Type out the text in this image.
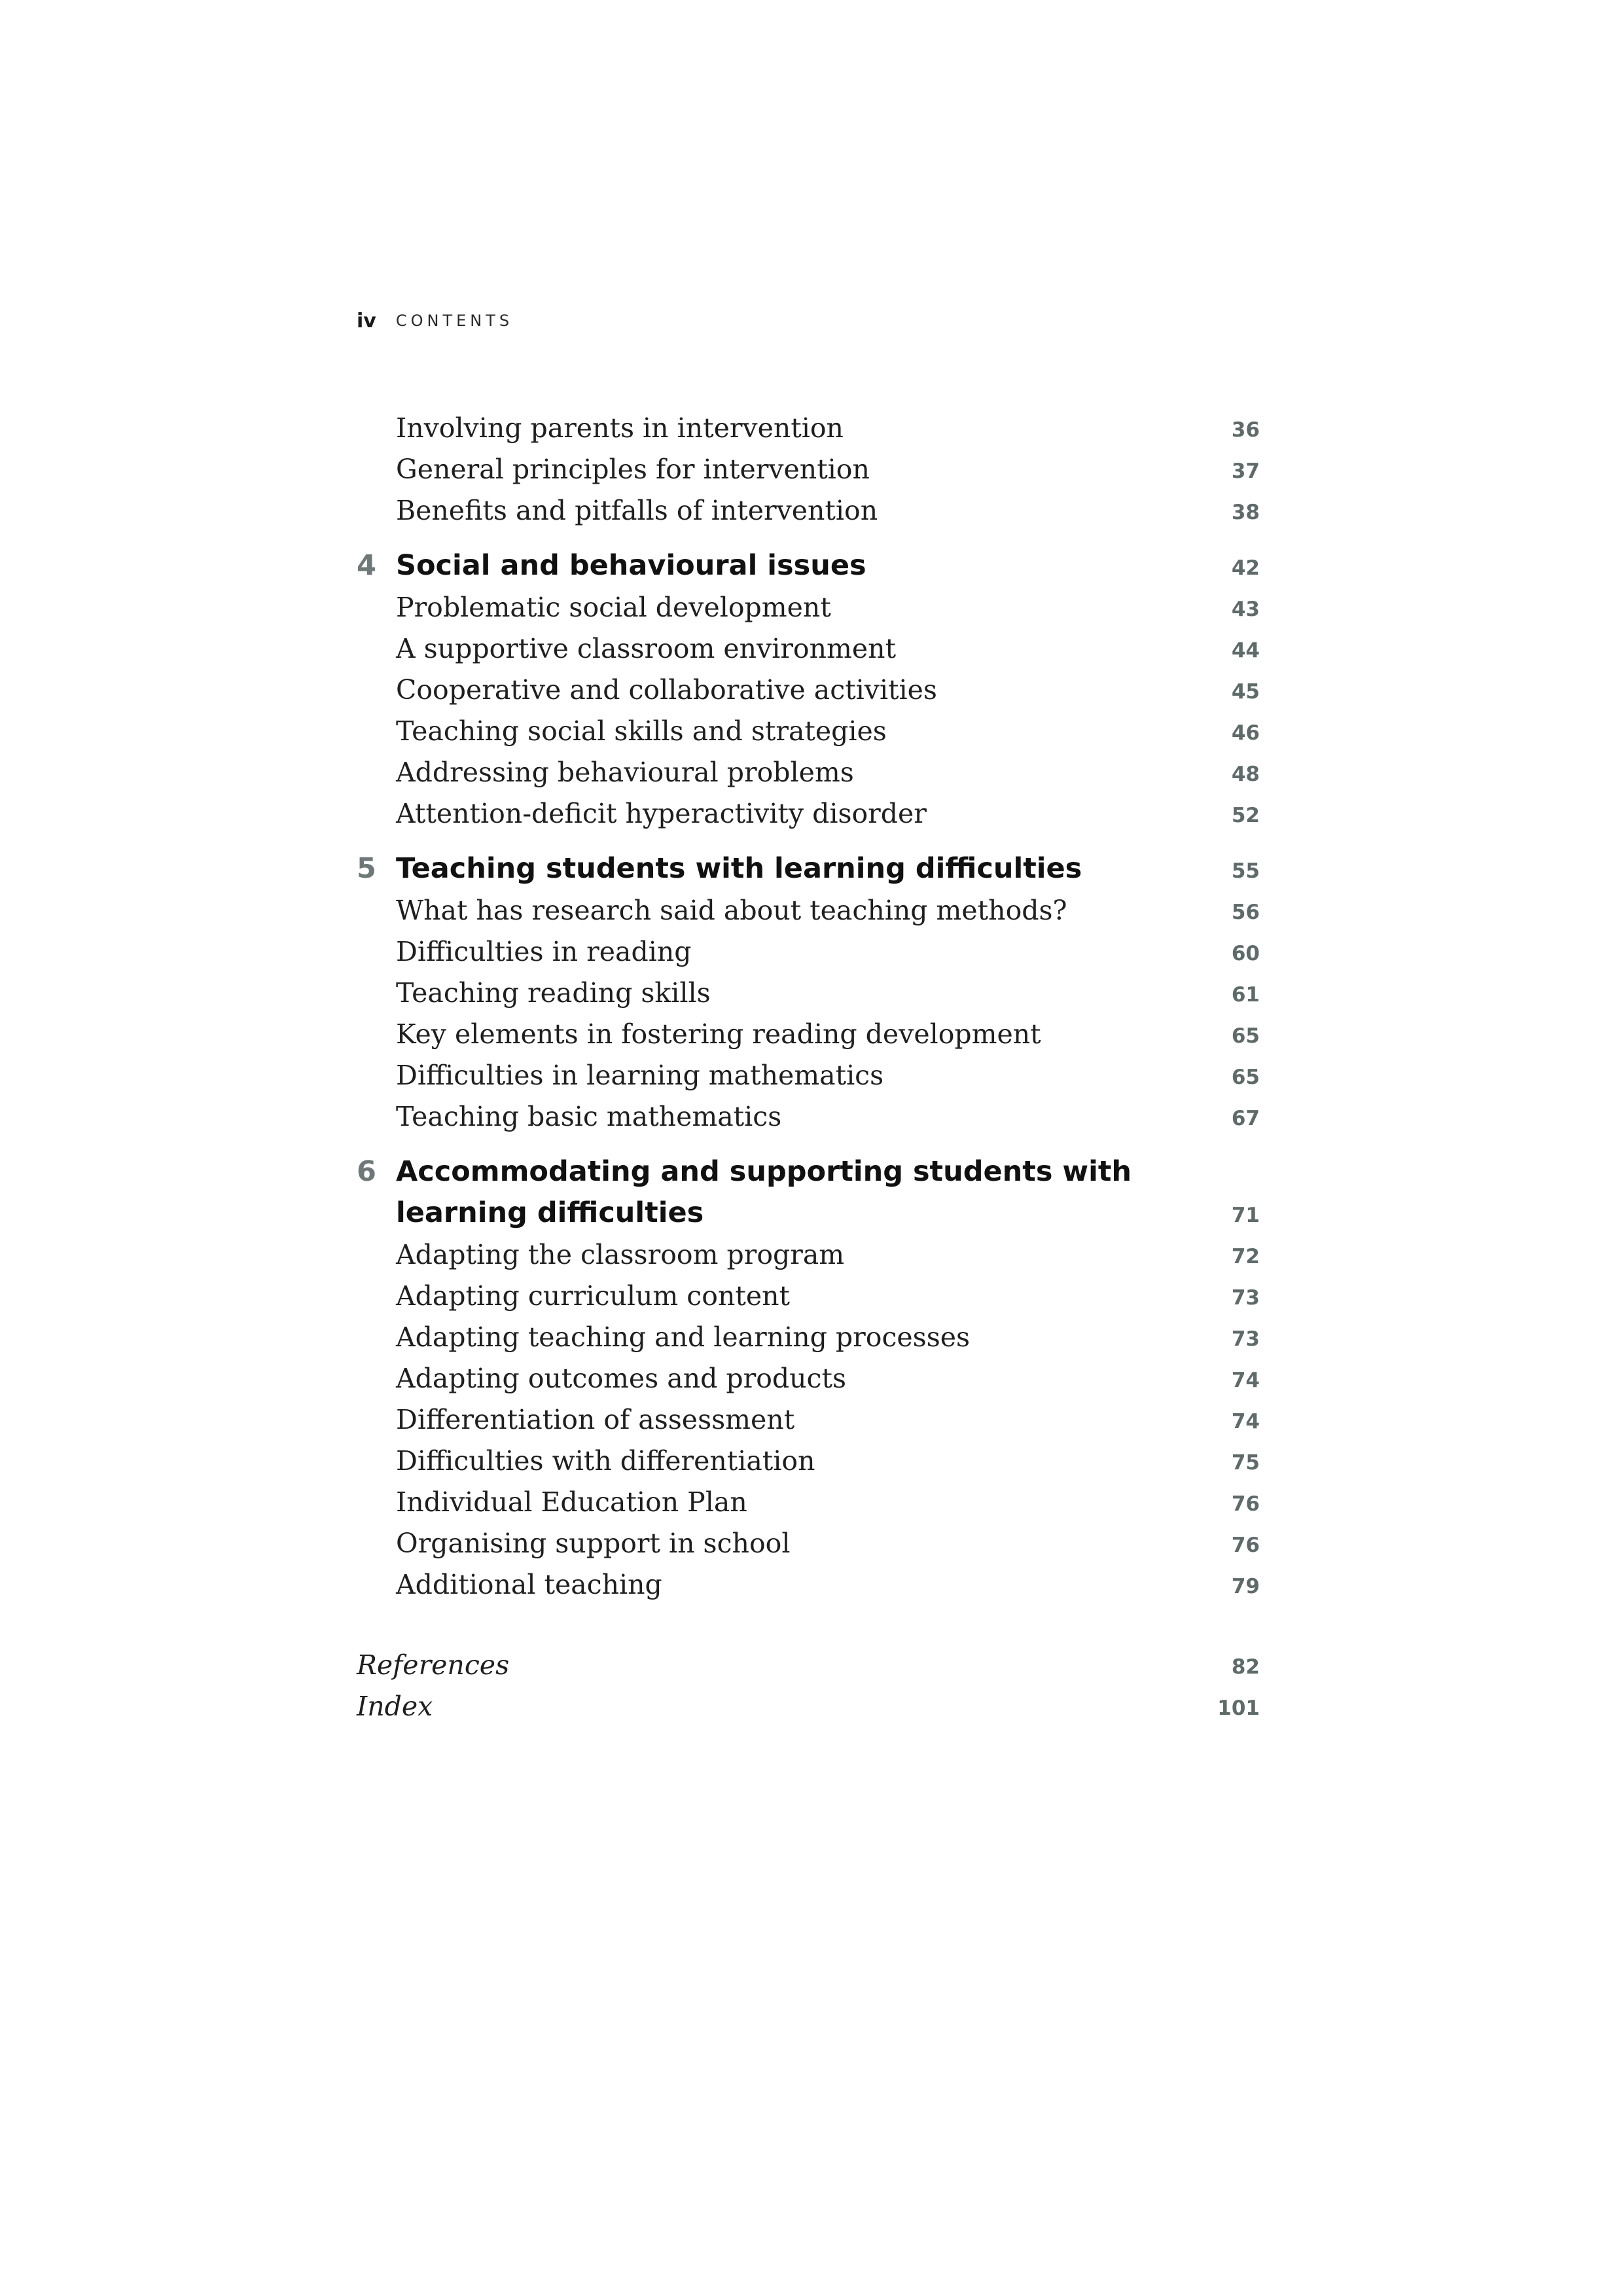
iv CONTENTS
Involving parents in intervention	36
General principles for intervention	37
Benefits and pitfalls of intervention	38
4 Social and behavioural issues	42
Problematic social development	43
A supportive classroom environment	44
Cooperative and collaborative activities	45
Teaching social skills and strategies	46
Addressing behavioural problems	48
Attention-deficit hyperactivity disorder	52
5 Teaching students with learning difficulties	55
What has research said about teaching methods?	56
Difficulties in reading	60
Teaching reading skills	61
Key elements in fostering reading development	65
Difficulties in learning mathematics	65
Teaching basic mathematics	67
6 Accommodating and supporting students with
learning difficulties	71
Adapting the classroom program	72
Adapting curriculum content	73
Adapting teaching and learning processes	73
Adapting outcomes and products	74
Differentiation of assessment	74
Difficulties with differentiation	75
Individual Education Plan	76
Organising support in school	76
Additional teaching	79
References	82
Index	101
